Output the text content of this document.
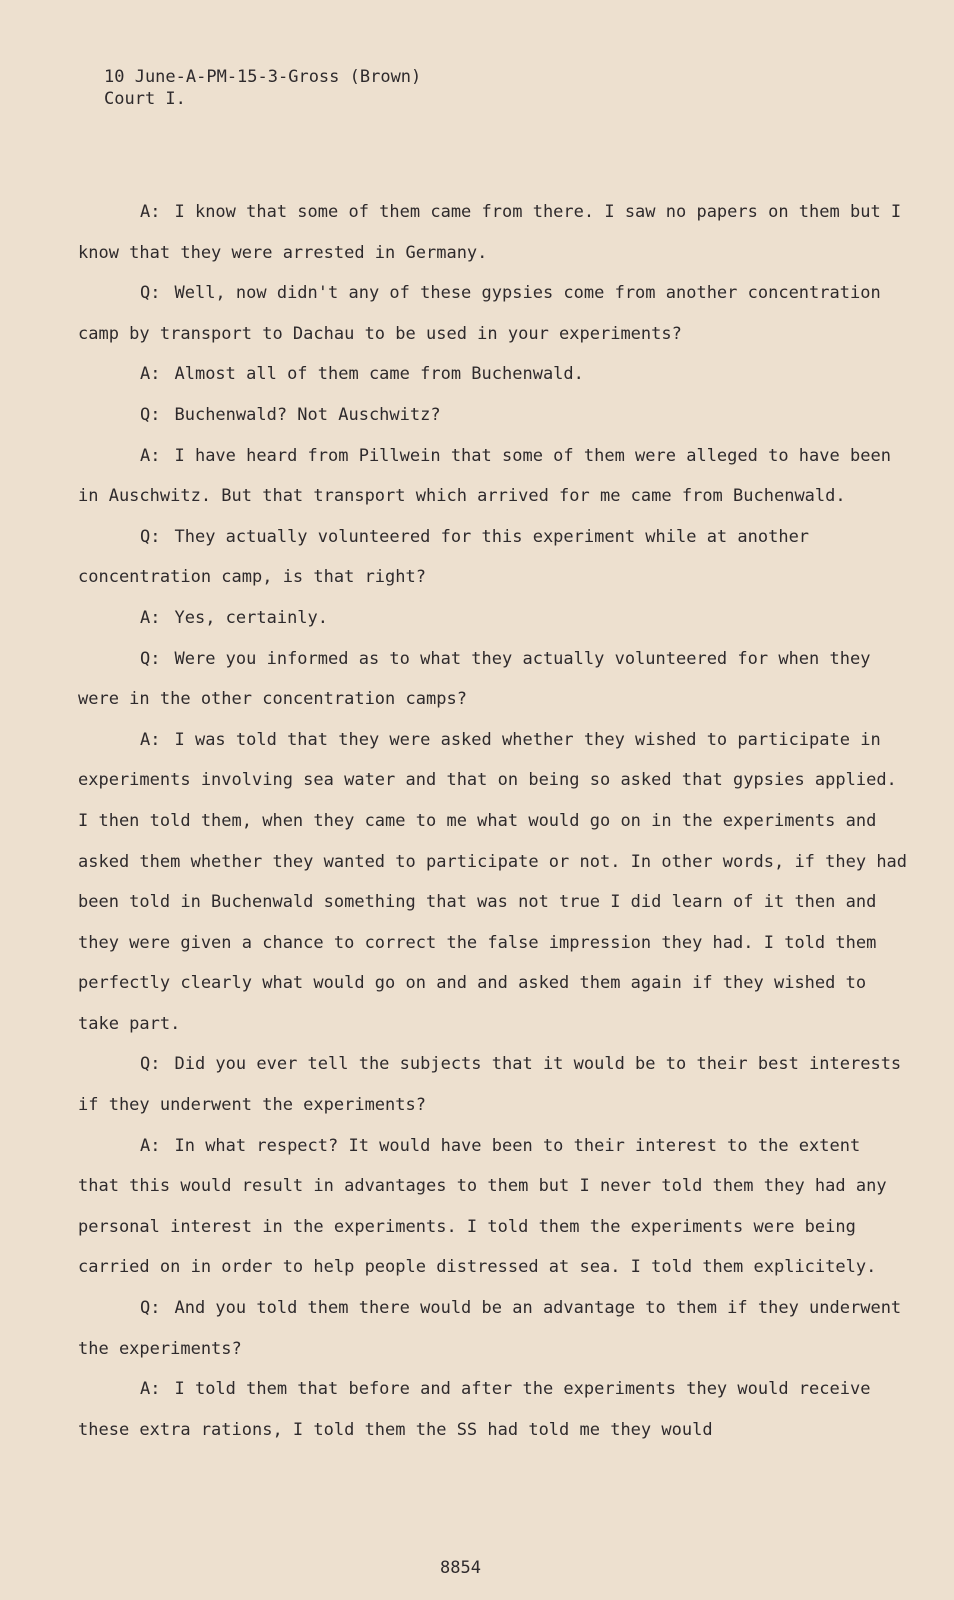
10 June-A-PM-15-3-Gross (Brown)
Court I.

A: I know that some of them came from there. I saw no papers on them but I know that they were arrested in Germany.

Q: Well, now didn't any of these gypsies come from another concentration camp by transport to Dachau to be used in your experiments?

A: Almost all of them came from Buchenwald.

Q: Buchenwald? Not Auschwitz?

A: I have heard from Pillwein that some of them were alleged to have been in Auschwitz. But that transport which arrived for me came from Buchenwald.

Q: They actually volunteered for this experiment while at another concentration camp, is that right?

A: Yes, certainly.

Q: Were you informed as to what they actually volunteered for when they were in the other concentration camps?

A: I was told that they were asked whether they wished to participate in experiments involving sea water and that on being so asked that gypsies applied. I then told them, when they came to me what would go on in the experiments and asked them whether they wanted to participate or not. In other words, if they had been told in Buchenwald something that was not true I did learn of it then and they were given a chance to correct the false impression they had. I told them perfectly clearly what would go on and and asked them again if they wished to take part.

Q: Did you ever tell the subjects that it would be to their best interests if they underwent the experiments?

A: In what respect? It would have been to their interest to the extent that this would result in advantages to them but I never told them they had any personal interest in the experiments. I told them the experiments were being carried on in order to help people distressed at sea. I told them explicitely.

Q: And you told them there would be an advantage to them if they underwent the experiments?

A: I told them that before and after the experiments they would receive these extra rations, I told them the SS had told me they would

8854
